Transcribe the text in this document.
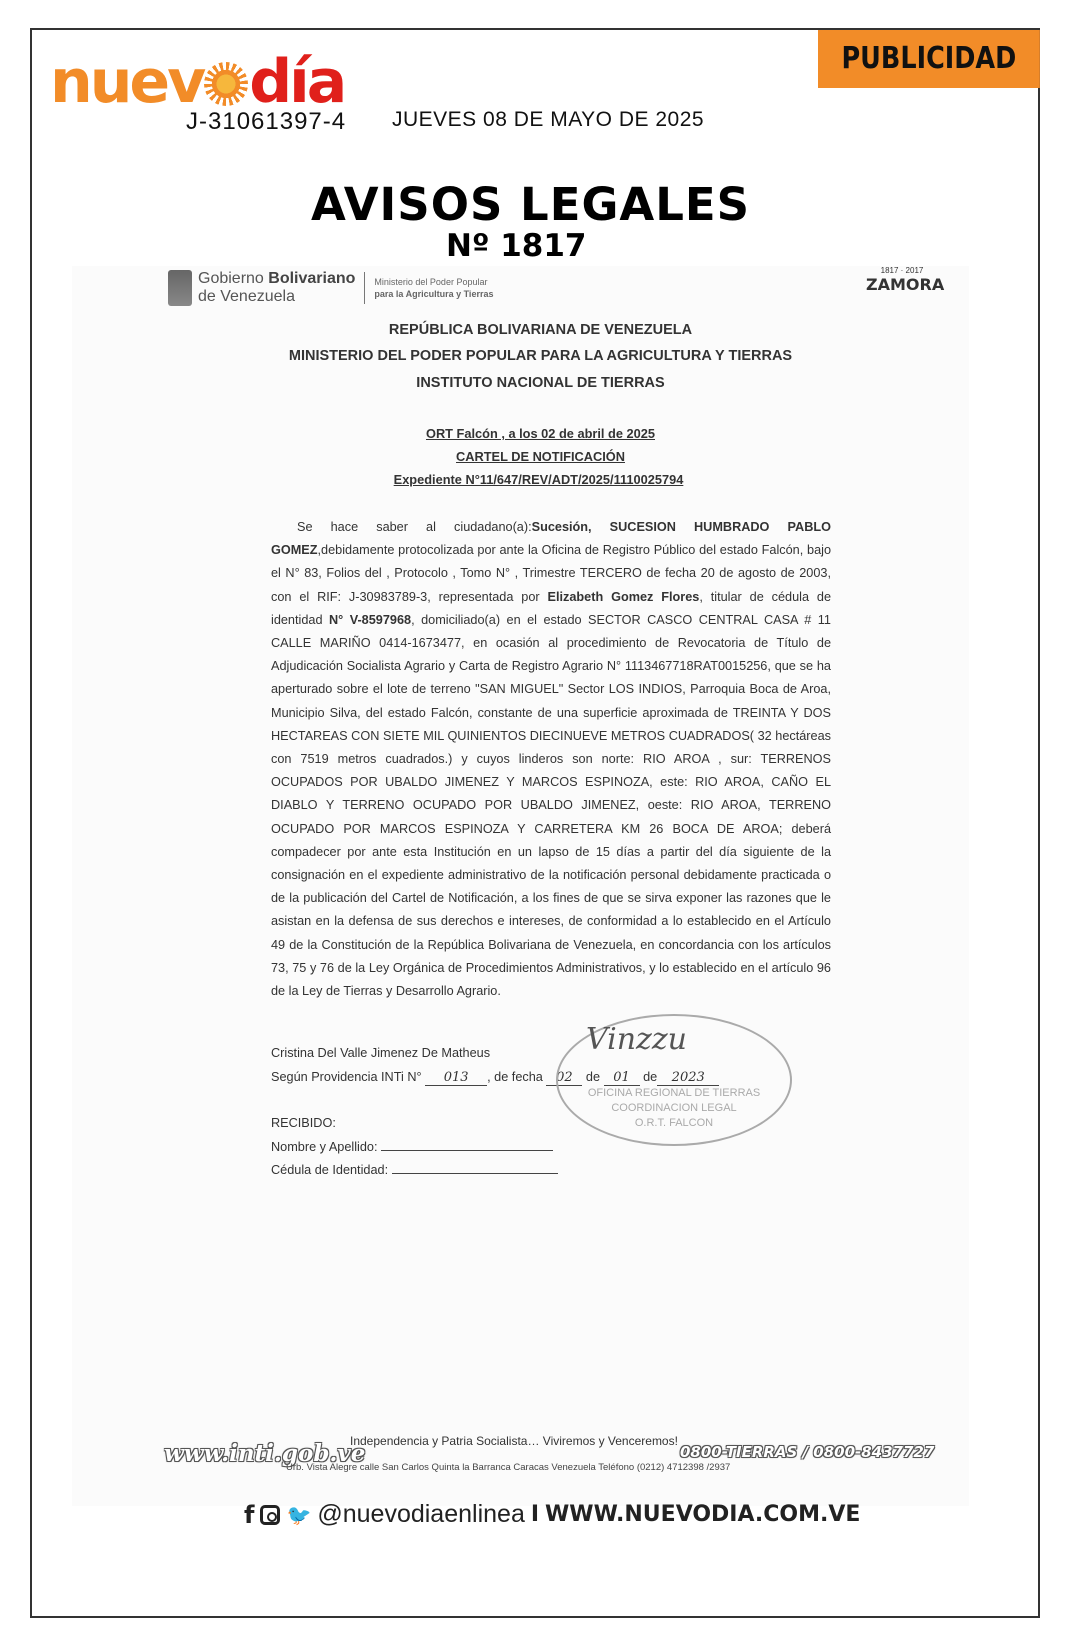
nuev día
J-31061397-4 JUEVES 08 DE MAYO DE 2025
PUBLICIDAD
AVISOS LEGALES
Nº 1817
Gobierno Bolivariano
de Venezuela
Ministerio del Poder Popular
para la Agricultura y Tierras
1817 · 2017
ZAMORA
REPÚBLICA BOLIVARIANA DE VENEZUELA
MINISTERIO DEL PODER POPULAR PARA LA AGRICULTURA Y TIERRAS
INSTITUTO NACIONAL DE TIERRAS
ORT Falcón , a los 02 de abril de 2025
CARTEL DE NOTIFICACIÓN
Expediente N°11/647/REV/ADT/2025/1110025794
Se hace saber al ciudadano(a):Sucesión, SUCESION HUMBRADO PABLO GOMEZ,debidamente protocolizada por ante la Oficina de Registro Público del estado Falcón, bajo el N° 83, Folios del , Protocolo , Tomo N° , Trimestre TERCERO de fecha 20 de agosto de 2003, con el RIF: J-30983789-3, representada por Elizabeth Gomez Flores, titular de cédula de identidad N° V-8597968, domiciliado(a) en el estado SECTOR CASCO CENTRAL CASA # 11 CALLE MARIÑO 0414-1673477, en ocasión al procedimiento de Revocatoria de Título de Adjudicación Socialista Agrario y Carta de Registro Agrario N° 1113467718RAT0015256, que se ha aperturado sobre el lote de terreno "SAN MIGUEL" Sector LOS INDIOS, Parroquia Boca de Aroa, Municipio Silva, del estado Falcón, constante de una superficie aproximada de TREINTA Y DOS HECTAREAS CON SIETE MIL QUINIENTOS DIECINUEVE METROS CUADRADOS( 32 hectáreas con 7519 metros cuadrados.) y cuyos linderos son norte: RIO AROA , sur: TERRENOS OCUPADOS POR UBALDO JIMENEZ Y MARCOS ESPINOZA, este: RIO AROA, CAÑO EL DIABLO Y TERRENO OCUPADO POR UBALDO JIMENEZ, oeste: RIO AROA, TERRENO OCUPADO POR MARCOS ESPINOZA Y CARRETERA KM 26 BOCA DE AROA; deberá compadecer por ante esta Institución en un lapso de 15 días a partir del día siguiente de la consignación en el expediente administrativo de la notificación personal debidamente practicada o de la publicación del Cartel de Notificación, a los fines de que se sirva exponer las razones que le asistan en la defensa de sus derechos e intereses, de conformidad a lo establecido en el Artículo 49 de la Constitución de la República Bolivariana de Venezuela, en concordancia con los artículos 73, 75 y 76 de la Ley Orgánica de Procedimientos Administrativos, y lo establecido en el artículo 96 de la Ley de Tierras y Desarrollo Agrario.
Cristina Del Valle Jimenez De Matheus
Según Providencia INTi N° 013 , de fecha 02 de 01 de 2023
Vinzzu
OFICINA REGIONAL DE TIERRAS
COORDINACION LEGAL
O.R.T. FALCON
RECIBIDO:
Nombre y Apellido:
Cédula de Identidad:
www.inti.gob.ve
Independencia y Patria Socialista… Viviremos y Venceremos!
0800-TIERRAS / 0800-8437727
Urb. Vista Alegre calle San Carlos Quinta la Barranca Caracas Venezuela Teléfono (0212) 4712398 /2937
f 🐦 @nuevodiaenlinea I WWW.NUEVODIA.COM.VE
